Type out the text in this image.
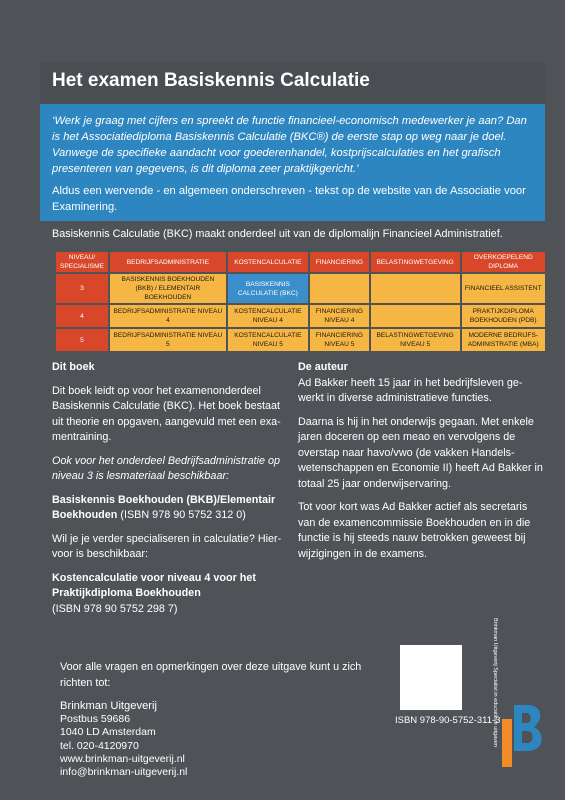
Het examen Basiskennis Calculatie

‘Werk je graag met cijfers en spreekt de functie financieel-economisch medewerker je aan? Dan is het Associatiediploma Basiskennis Calculatie (BKC®) de eerste stap op weg naar je doel. Vanwege de specifieke aandacht voor goederenhandel, kostprijscalculaties en het grafisch presenteren van gegevens, is dit diploma zeer praktijkgericht.’

Aldus een wervende - en algemeen onderschreven - tekst op de website van de Associatie voor Examinering.

Basiskennis Calculatie (BKC) maakt onderdeel uit van de diplomalijn Financieel Administratief.
NIVEAU/ SPECIALISME	BEDRIJFSADMINISTRATIE	KOSTENCALCULATIE	FINANCIERING	BELASTINGWETGEVING	OVERKOEPELEND DIPLOMA
3	BASISKENNIS BOEKHOUDEN (BKB) / ELEMENTAIR BOEKHOUDEN	BASISKENNIS CALCULATIE (BKC)			FINANCIEEL ASSISTENT
4	BEDRIJFSADMINISTRATIE NIVEAU 4	KOSTENCALCULATIE NIVEAU 4	FINANCIERING NIVEAU 4		PRAKTIJKDIPLOMA BOEKHOUDEN (PDB)
5	BEDRIJFSADMINISTRATIE NIVEAU 5	KOSTENCALCULATIE NIVEAU 5	FINANCIERING NIVEAU 5	BELASTINGWETGEVING NIVEAU 5	MODERNE BEDRIJFS-ADMINISTRATIE (MBA)

Dit boek

Dit boek leidt op voor het examenonderdeel Basiskennis Calculatie (BKC). Het boek bestaat uit theorie en opgaven, aangevuld met een examentraining.

Ook voor het onderdeel Bedrijfsadministratie op niveau 3 is lesmateriaal beschikbaar:

Basiskennis Boekhouden (BKB)/Elementair Boekhouden (ISBN 978 90 5752 312 0)

Wil je je verder specialiseren in calculatie? Hiervoor is beschikbaar:

Kostencalculatie voor niveau 4 voor het Praktijkdiploma Boekhouden

(ISBN 978 90 5752 298 7)

De auteur

Ad Bakker heeft 15 jaar in het bedrijfsleven gewerkt in diverse administratieve functies.

Daarna is hij in het onderwijs gegaan. Met enkele jaren doceren op een meao en vervolgens de overstap naar havo/vwo (de vakken Handelswetenschappen en Economie II) heeft Ad Bakker in totaal 25 jaar onderwijservaring.

Tot voor kort was Ad Bakker actief als secretaris van de examencommissie Boekhouden en in die functie is hij steeds nauw betrokken geweest bij wijzigingen in de examens.

Voor alle vragen en opmerkingen over deze uitgave kunt u zich richten tot:
Brinkman Uitgeverij
Postbus 59686
1040 LD Amsterdam
tel. 020-4120970
www.brinkman-uitgeverij.nl
info@brinkman-uitgeverij.nl
ISBN 978-90-5752-311-3
Brinkman Uitgeverij Specialist in educatieve uitgaven
